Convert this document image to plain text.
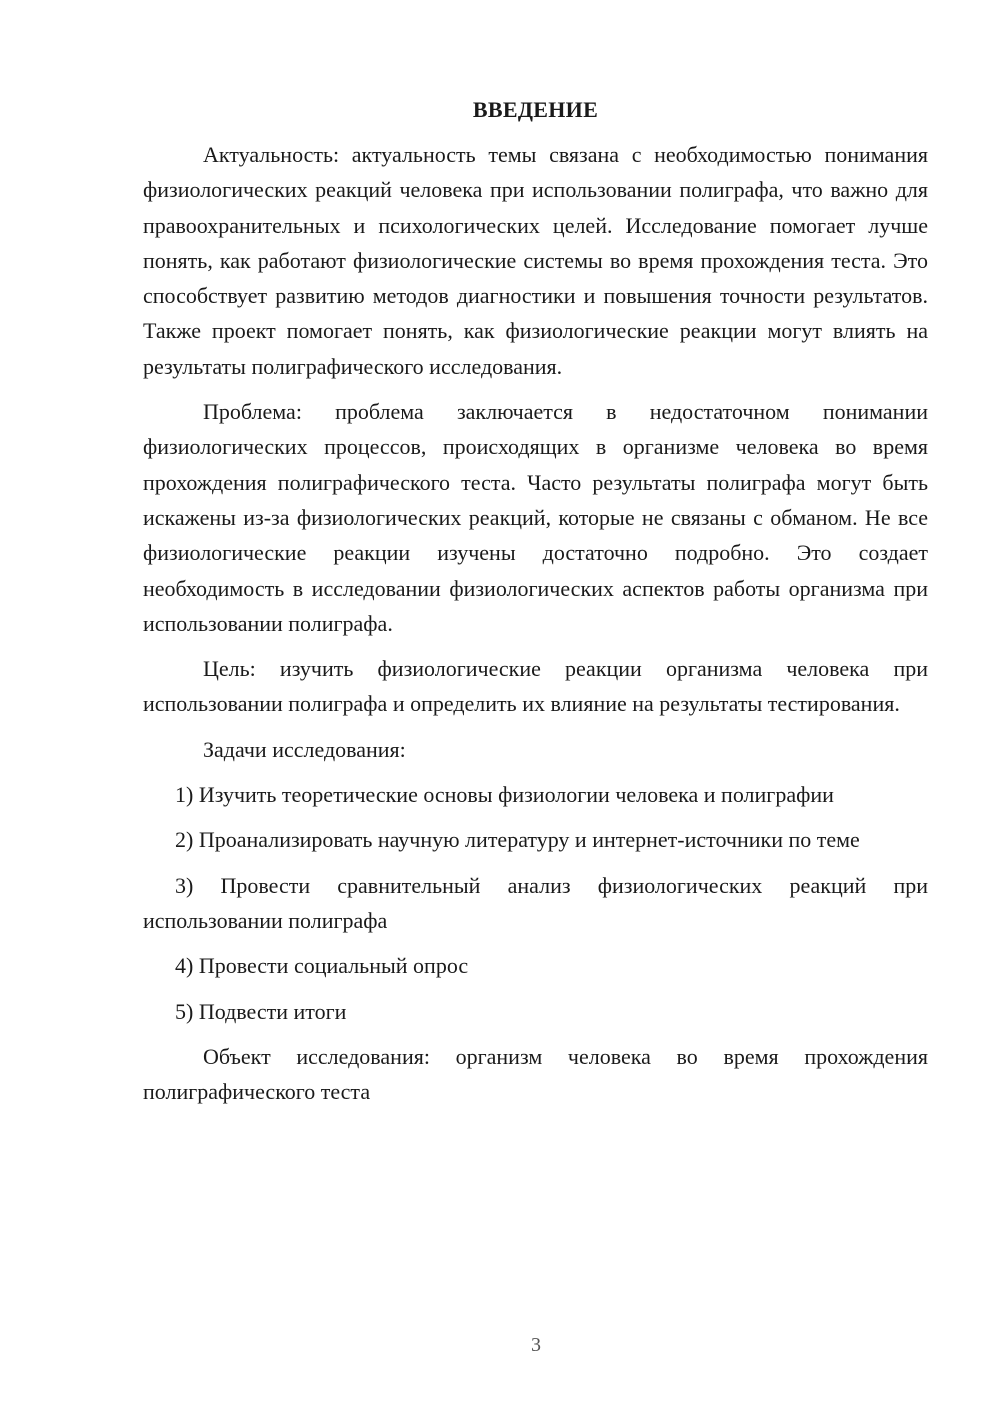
ВВЕДЕНИЕ

Актуальность: актуальность темы связана с необходимостью понимания физиологических реакций человека при использовании полиграфа, что важно для правоохранительных и психологических целей. Исследование помогает лучше понять, как работают физиологические системы во время прохождения теста. Это способствует развитию методов диагностики и повышения точности результатов. Также проект помогает понять, как физиологические реакции могут влиять на результаты полиграфического исследования.

Проблема: проблема заключается в недостаточном понимании физиологических процессов, происходящих в организме человека во время прохождения полиграфического теста. Часто результаты полиграфа могут быть искажены из-за физиологических реакций, которые не связаны с обманом. Не все физиологические реакции изучены достаточно подробно. Это создает необходимость в исследовании физиологических аспектов работы организма при использовании полиграфа.

Цель: изучить физиологические реакции организма человека при использовании полиграфа и определить их влияние на результаты тестирования.

Задачи исследования:

1) Изучить теоретические основы физиологии человека и полиграфии

2) Проанализировать научную литературу и интернет-источники по теме

3) Провести сравнительный анализ физиологических реакций при использовании полиграфа

4) Провести социальный опрос

5) Подвести итоги

Объект исследования: организм человека во время прохождения полиграфического теста

3
